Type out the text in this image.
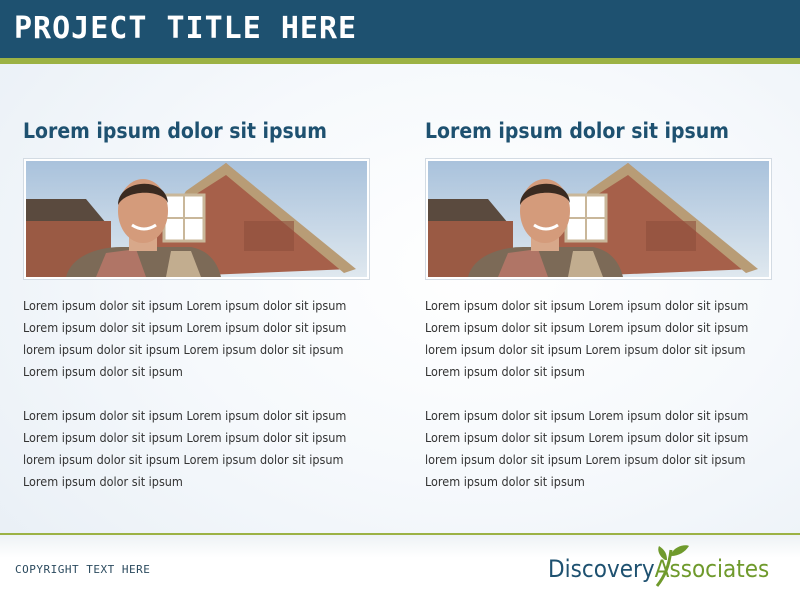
PROJECT TITLE HERE
Lorem ipsum dolor sit ipsum
Lorem ipsum dolor sit ipsum Lorem ipsum dolor sit ipsum
Lorem ipsum dolor sit ipsum Lorem ipsum dolor sit ipsum
lorem ipsum dolor sit ipsum Lorem ipsum dolor sit ipsum
Lorem ipsum dolor sit ipsum
Lorem ipsum dolor sit ipsum Lorem ipsum dolor sit ipsum
Lorem ipsum dolor sit ipsum Lorem ipsum dolor sit ipsum
lorem ipsum dolor sit ipsum Lorem ipsum dolor sit ipsum
Lorem ipsum dolor sit ipsum
Lorem ipsum dolor sit ipsum
Lorem ipsum dolor sit ipsum Lorem ipsum dolor sit ipsum
Lorem ipsum dolor sit ipsum Lorem ipsum dolor sit ipsum
lorem ipsum dolor sit ipsum Lorem ipsum dolor sit ipsum
Lorem ipsum dolor sit ipsum
Lorem ipsum dolor sit ipsum Lorem ipsum dolor sit ipsum
Lorem ipsum dolor sit ipsum Lorem ipsum dolor sit ipsum
lorem ipsum dolor sit ipsum Lorem ipsum dolor sit ipsum
Lorem ipsum dolor sit ipsum
COPYRIGHT TEXT HERE	DiscoveryAssociates
